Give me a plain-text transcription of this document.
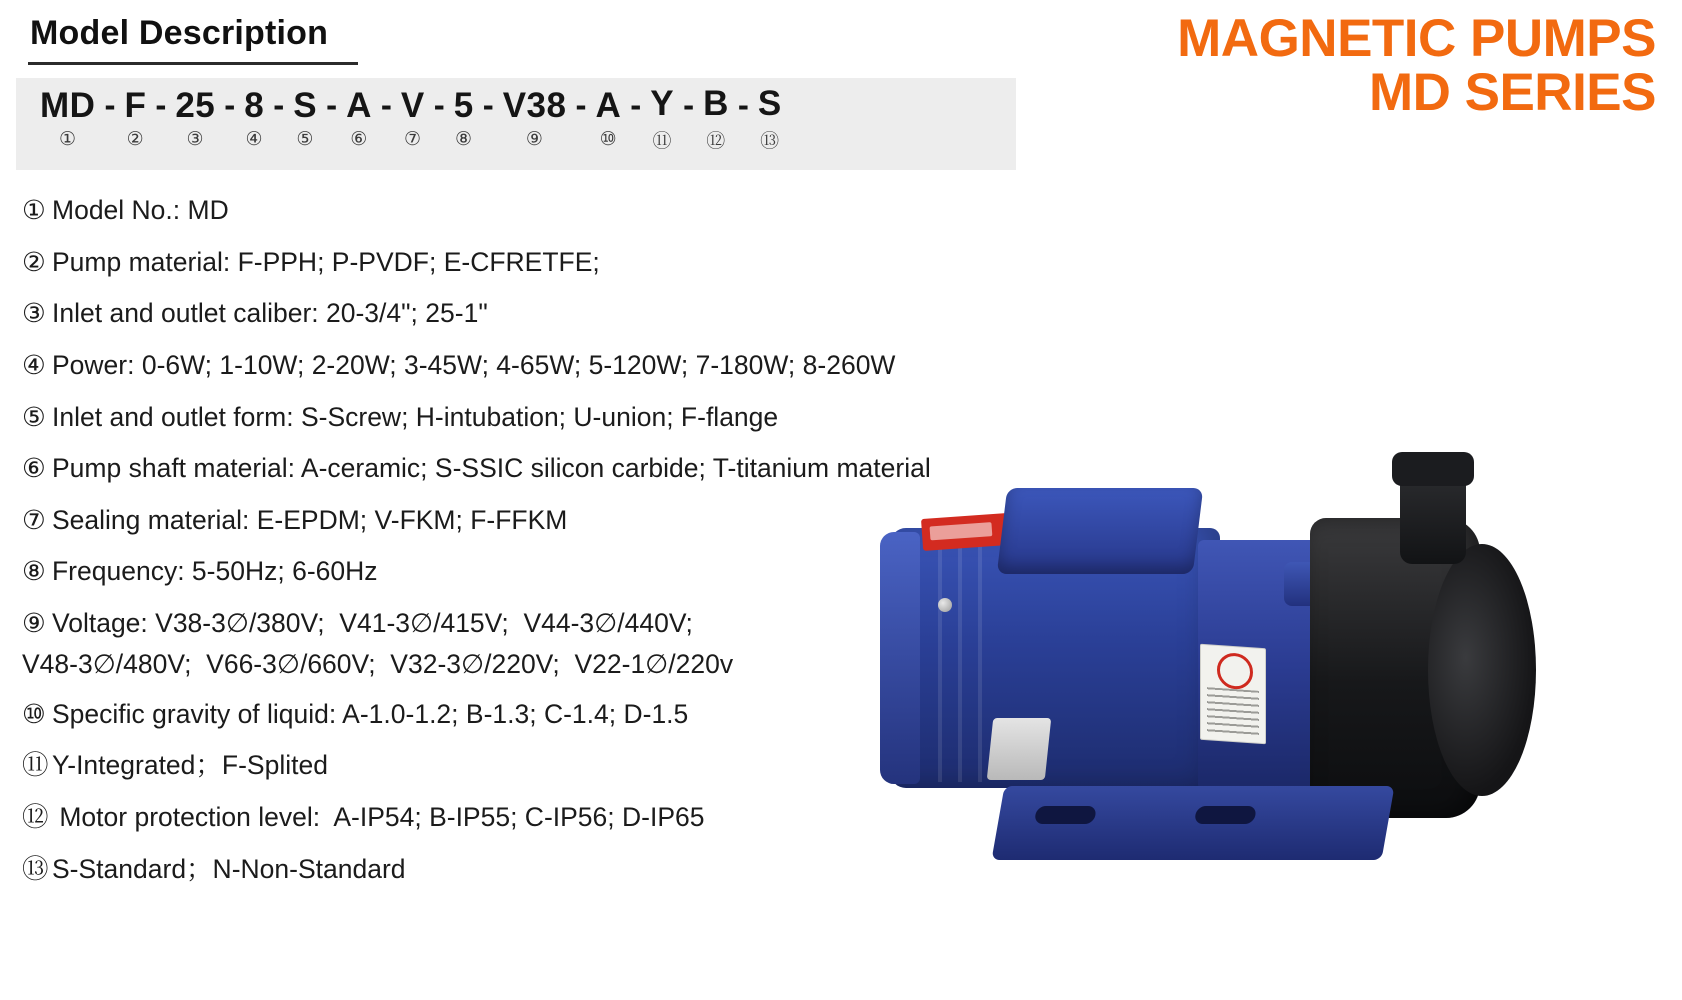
Model Description	MAGNETIC PUMPS
MD SERIES
MD
①
- F
②
- 25
③
- 8
④
- S
⑤
- A
⑥
- V
⑦
- 5
⑧
- V38
⑨
- A
⑩
- Y
⑪
- B
⑫
- S
⑬
① Model No.: MD
② Pump material: F-PPH; P-PVDF; E-CFRETFE;
③ Inlet and outlet caliber: 20-3/4"; 25-1"
④ Power: 0-6W; 1-10W; 2-20W; 3-45W; 4-65W; 5-120W; 7-180W; 8-260W
⑤ Inlet and outlet form: S-Screw; H-intubation; U-union; F-flange
⑥ Pump shaft material: A-ceramic; S-SSIC silicon carbide; T-titanium material
⑦ Sealing material: E-EPDM; V-FKM; F-FFKM
⑧ Frequency: 5-50Hz; 6-60Hz
⑨ Voltage: V38-3∅/380V;  V41-3∅/415V;  V44-3∅/440V;
V48-3∅/480V;  V66-3∅/660V;  V32-3∅/220V;  V22-1∅/220v
⑩ Specific gravity of liquid: A-1.0-1.2; B-1.3; C-1.4; D-1.5
⑪ Y-Integrated；F-Splited
⑫ Motor protection level:  A-IP54; B-IP55; C-IP56; D-IP65
⑬ S-Standard；N-Non-Standard
